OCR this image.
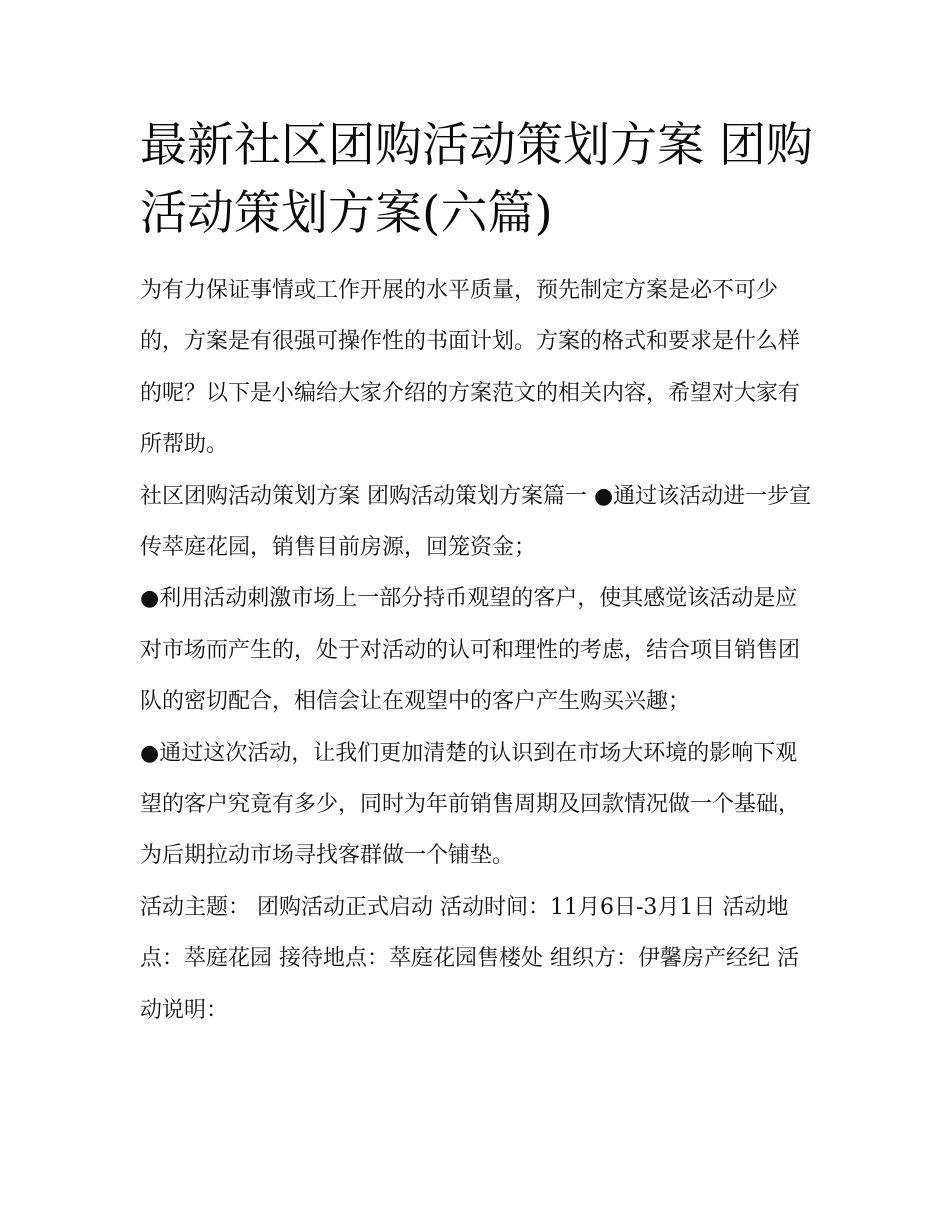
最新社区团购活动策划方案 团购活动策划方案(六篇)

为有力保证事情或工作开展的水平质量，预先制定方案是必不可少的，方案是有很强可操作性的书面计划。方案的格式和要求是什么样的呢？以下是小编给大家介绍的方案范文的相关内容，希望对大家有所帮助。

社区团购活动策划方案 团购活动策划方案篇一 ●通过该活动进一步宣传萃庭花园，销售目前房源，回笼资金；

●利用活动刺激市场上一部分持币观望的客户，使其感觉该活动是应对市场而产生的，处于对活动的认可和理性的考虑，结合项目销售团队的密切配合，相信会让在观望中的客户产生购买兴趣；

●通过这次活动，让我们更加清楚的认识到在市场大环境的影响下观望的客户究竟有多少，同时为年前销售周期及回款情况做一个基础，为后期拉动市场寻找客群做一个铺垫。

活动主题： 团购活动正式启动 活动时间：11月6日-3月1日 活动地点：萃庭花园 接待地点：萃庭花园售楼处 组织方：伊馨房产经纪 活动说明：
